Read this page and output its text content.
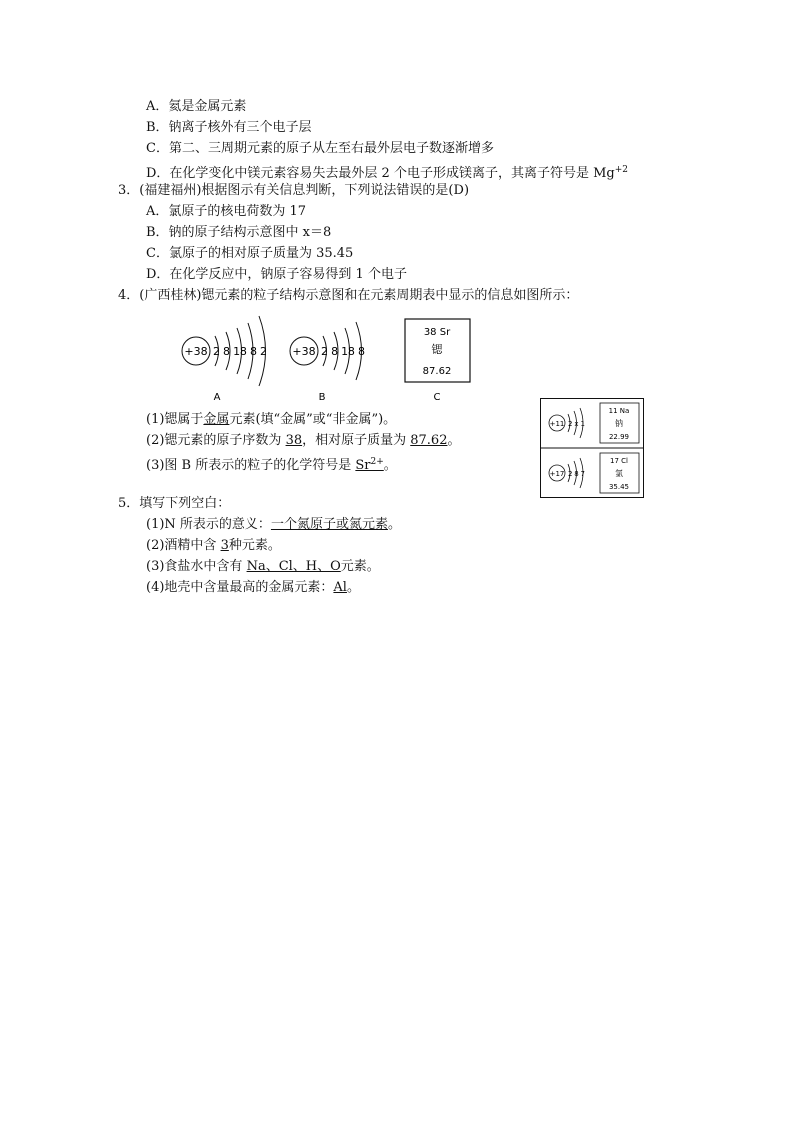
A．氦是金属元素
B．钠离子核外有三个电子层
C．第二、三周期元素的原子从左至右最外层电子数逐渐增多
D．在化学变化中镁元素容易失去最外层 2 个电子形成镁离子，其离子符号是 $Mg^{+2}$
3．(福建福州)根据图示有关信息判断，下列说法错误的是(D)
A．氯原子的核电荷数为 17
B．钠的原子结构示意图中 x＝8
C．氯原子的相对原子质量为 35.45
D．在化学反应中，钠原子容易得到 1 个电子
4．(广西桂林)锶元素的粒子结构示意图和在元素周期表中显示的信息如图所示：
+38 2 8 18 8 2
A
+38 2 8 18 8
B
38 Sr
锶
87.62
C
+11 2 x 1
11 Na
钠
22.99
+17 2 8 7
17 Cl
氯
35.45
(1)锶属于金属元素(填“金属”或“非金属”)。
(2)锶元素的原子序数为 38，相对原子质量为 87.62。
(3)图 B 所表示的粒子的化学符号是 $Sr^{2+}$。
5．填写下列空白：
(1)N 所表示的意义：一个氮原子或氮元素。
(2)酒精中含 3种元素。
(3)食盐水中含有 Na、Cl、H、O元素。
(4)地壳中含量最高的金属元素：Al。
